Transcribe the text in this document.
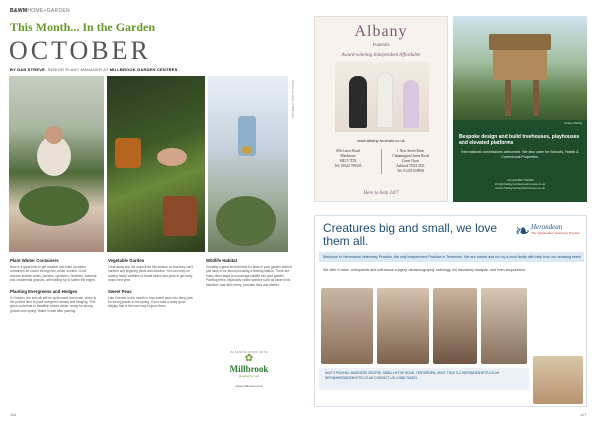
B&WMHOME+GARDEN
This Month... In the Garden
OCTOBER
BY DAN STREVE, SENIOR PLANT MANAGER AT MILLBROOK GARDEN CENTRES
Photos courtesy of Millbrook
Plant Winter Containers
Now is a great time to get creative and plant up winter containers for colour through the colder months. Good choices include violas, pansies, cyclamen, heathers, skimmia and ornamental grasses, with trailing ivy to soften the edges.
Planting Evergreens and Hedges
In October, the soil will still be quite warm and moist, which is the perfect time to plant evergreen shrubs and hedging. This gives roots time to establish before winter, ready for strong growth next spring. Water in well after planting.
Vegetable Garden
Clear away any old crops from this season so that they can't harbour any lingering pests and disease. You can keep on sowing hardy varieties of broad beans and peas to get early crops next year.
Sweet Peas
Late October is the month to sow sweet peas into deep pots for strong plants in the spring. If you want a really good display that is the best way to grow them.
Wildlife Habitat
Creating a great environment for birds in your garden doesn't just have to be about providing a feeding station. There are many other ways to encourage wildlife into your garden. Planting trees, especially native species such as silver birch, hawthorn and wild cherry, provides food and shelter.
IN ASSOCIATION WITH
✿
Millbrook
growing for you
www.millbrook.co.uk
116
Albany
Funerals
Award-winning Independent Affordable
www.albany-funerals.co.uk
69b Loose Road
Maidstone
ME15 7DX
Tel: 01622 790505
1 New Street Farm
Chilmington Green Road
Great Chart
Ashford TN23 3DL
Tel: 01233 659956
Here to help 24/7
Charley Mortley
Bespoke design and build treehouses, playhouses and elevated platforms
International commissions welcomed. We also cater for Schools, Hotels & Commercial Properties.
+44 (0)1892 752482
info@charleymortleytreehouses.co.uk
www.charleymortleytreehouses.co.uk
Creatures big and small, we love them all.	❧ Herondean
The Independent Veterinary Practice
Welcome to Herondean Veterinary Practice, the only Independent Practice in Tenterden. We are owned and run by a local family with help from our amazing team!
We offer K-laser, orthopaedic and soft-tissue surgery, ultrasonography, radiology, full laboratory analysis, and even acupuncture.
UNIT 3 PICKHILL BUSINESS CENTRE, SMALLHYTHE ROAD, TENTERDEN, KENT, TN30 7LZ HERONDENVETS.CO.UK INFO@HERONDENVETS.CO.UK CONTACT US: 01580 762303
117
